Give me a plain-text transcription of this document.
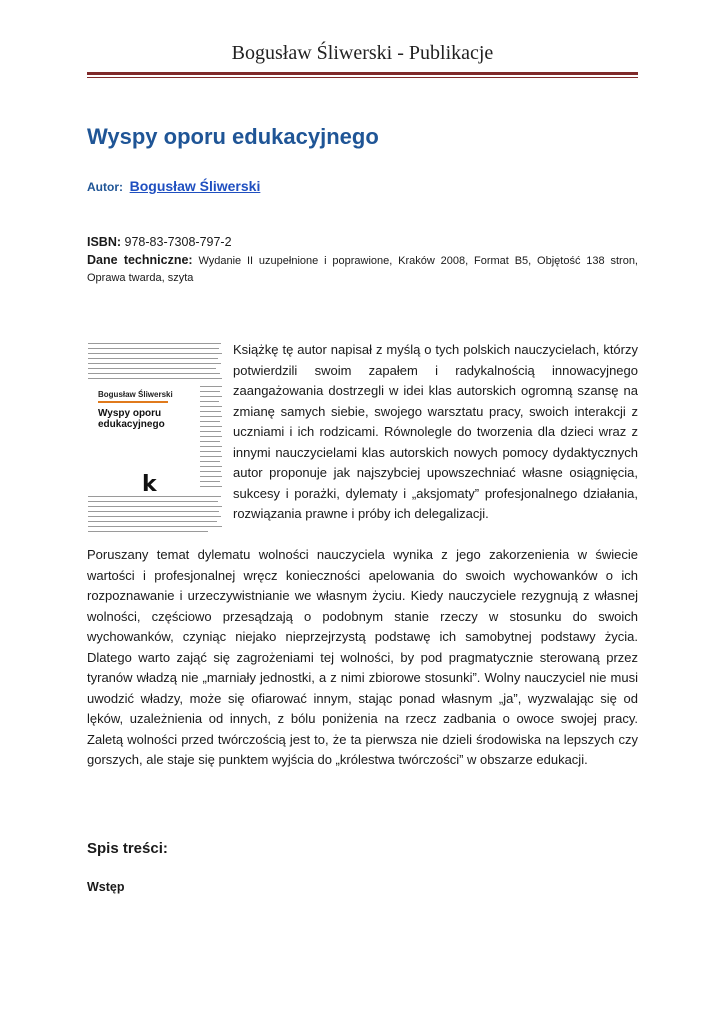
Bogusław Śliwerski - Publikacje
Wyspy oporu edukacyjnego
Autor: Bogusław Śliwerski
ISBN: 978-83-7308-797-2
Dane techniczne: Wydanie II uzupełnione i poprawione, Kraków 2008, Format B5, Objętość 138 stron, Oprawa twarda, szyta
Bogusław Śliwerski
Wyspy oporu
edukacyjnego
k

Książkę tę autor napisał z myślą o tych polskich nauczycielach, którzy potwierdzili swoim zapałem i radykalnością innowacyjnego zaangażowania dostrzegli w idei klas autorskich ogromną szansę na zmianę samych siebie, swojego warsztatu pracy, swoich interakcji z uczniami i ich rodzicami. Równolegle do tworzenia dla dzieci wraz z innymi nauczycielami klas autorskich nowych pomocy dydaktycznych autor proponuje jak najszybciej upowszechniać własne osiągnięcia, sukcesy i porażki, dylematy i „aksjomaty” profesjonalnego działania, rozwiązania prawne i próby ich delegalizacji.

Poruszany temat dylematu wolności nauczyciela wynika z jego zakorzenienia w świecie wartości i profesjonalnej wręcz konieczności apelowania do swoich wychowanków o ich rozpoznawanie i urzeczywistnianie we własnym życiu. Kiedy nauczyciele rezygnują z własnej wolności, częściowo przesądzają o podobnym stanie rzeczy w stosunku do swoich wychowanków, czyniąc niejako nieprzejrzystą podstawę ich samobytnej podstawy życia. Dlatego warto zająć się zagrożeniami tej wolności, by pod pragmatycznie sterowaną przez tyranów władzą nie „marniały jednostki, a z nimi zbiorowe stosunki”. Wolny nauczyciel nie musi uwodzić władzy, może się ofiarować innym, stając ponad własnym „ja”, wyzwalając się od lęków, uzależnienia od innych, z bólu poniżenia na rzecz zadbania o owoce swojej pracy. Zaletą wolności przed twórczością jest to, że ta pierwsza nie dzieli środowiska na lepszych czy gorszych, ale staje się punktem wyjścia do „królestwa twórczości” w obszarze edukacji.

Spis treści:
Wstęp
